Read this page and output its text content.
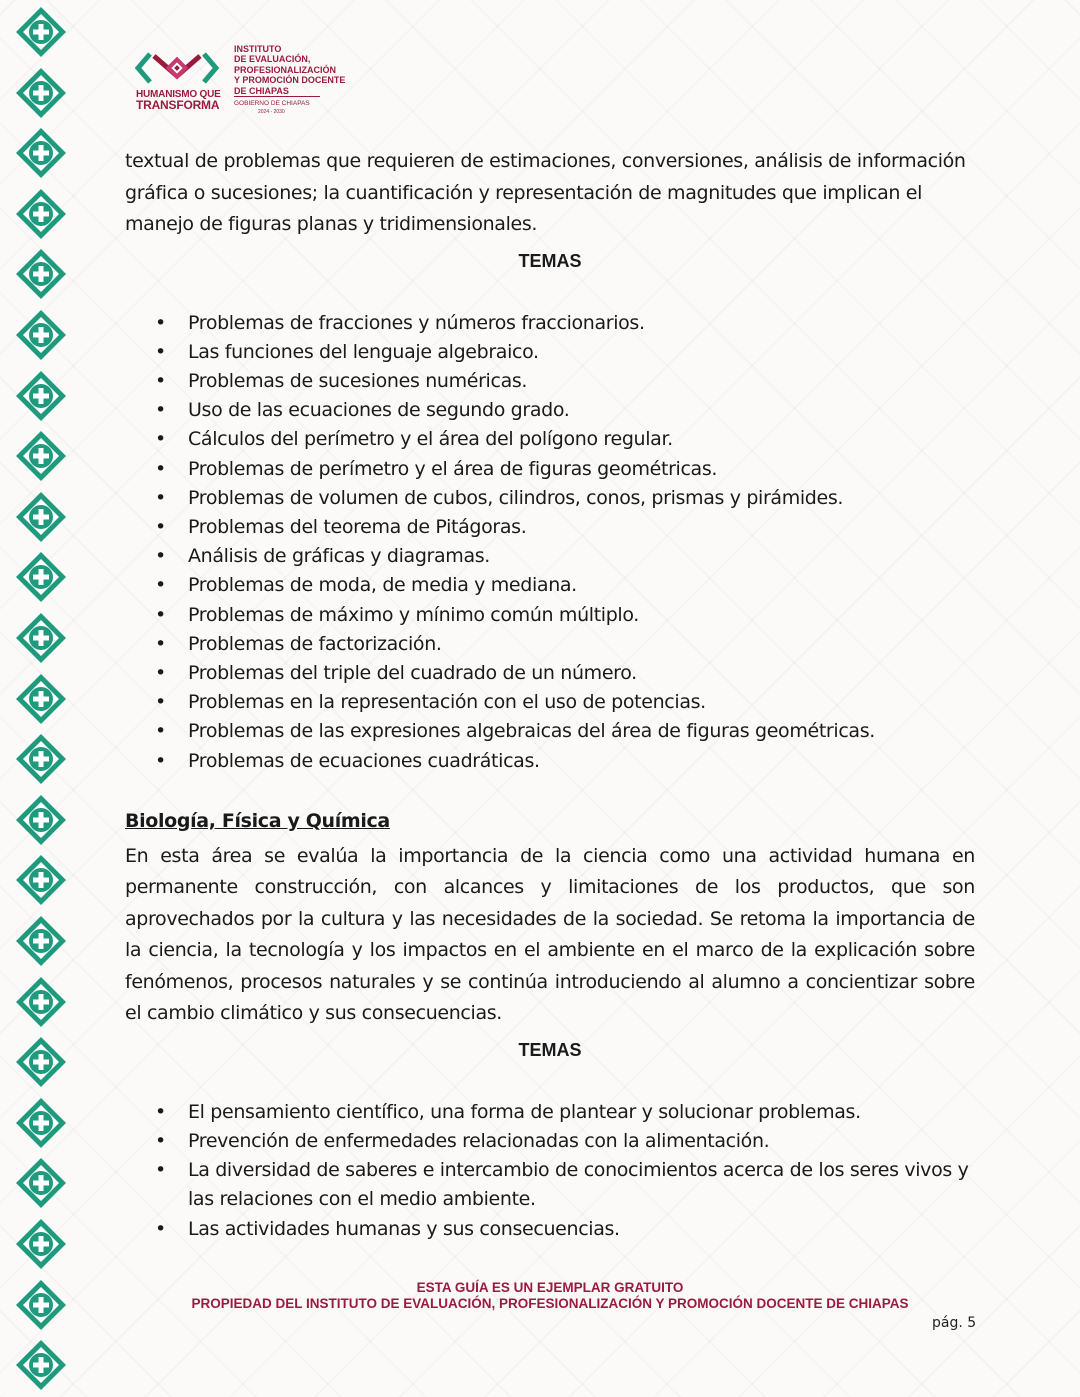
HUMANISMO QUE
TRANSFORMA
INSTITUTO
DE EVALUACIÓN,
PROFESIONALIZACIÓN
Y PROMOCIÓN DOCENTE
DE CHIAPAS
GOBIERNO DE CHIAPAS
2024 - 2030

textual de problemas que requieren de estimaciones, conversiones, análisis de información gráfica o sucesiones; la cuantificación y representación de magnitudes que implican el manejo de figuras planas y tridimensionales.

TEMAS
• Problemas de fracciones y números fraccionarios.
• Las funciones del lenguaje algebraico.
• Problemas de sucesiones numéricas.
• Uso de las ecuaciones de segundo grado.
• Cálculos del perímetro y el área del polígono regular.
• Problemas de perímetro y el área de figuras geométricas.
• Problemas de volumen de cubos, cilindros, conos, prismas y pirámides.
• Problemas del teorema de Pitágoras.
• Análisis de gráficas y diagramas.
• Problemas de moda, de media y mediana.
• Problemas de máximo y mínimo común múltiplo.
• Problemas de factorización.
• Problemas del triple del cuadrado de un número.
• Problemas en la representación con el uso de potencias.
• Problemas de las expresiones algebraicas del área de figuras geométricas.
• Problemas de ecuaciones cuadráticas.
Biología, Física y Química

En esta área se evalúa la importancia de la ciencia como una actividad humana en permanente construcción, con alcances y limitaciones de los productos, que son aprovechados por la cultura y las necesidades de la sociedad. Se retoma la importancia de la ciencia, la tecnología y los impactos en el ambiente en el marco de la explicación sobre fenómenos, procesos naturales y se continúa introduciendo al alumno a concientizar sobre el cambio climático y sus consecuencias.

TEMAS
• El pensamiento científico, una forma de plantear y solucionar problemas.
• Prevención de enfermedades relacionadas con la alimentación.
• La diversidad de saberes e intercambio de conocimientos acerca de los seres vivos y las relaciones con el medio ambiente.
• Las actividades humanas y sus consecuencias.
ESTA GUÍA ES UN EJEMPLAR GRATUITO
PROPIEDAD DEL INSTITUTO DE EVALUACIÓN, PROFESIONALIZACIÓN Y PROMOCIÓN DOCENTE DE CHIAPAS
pág. 5
